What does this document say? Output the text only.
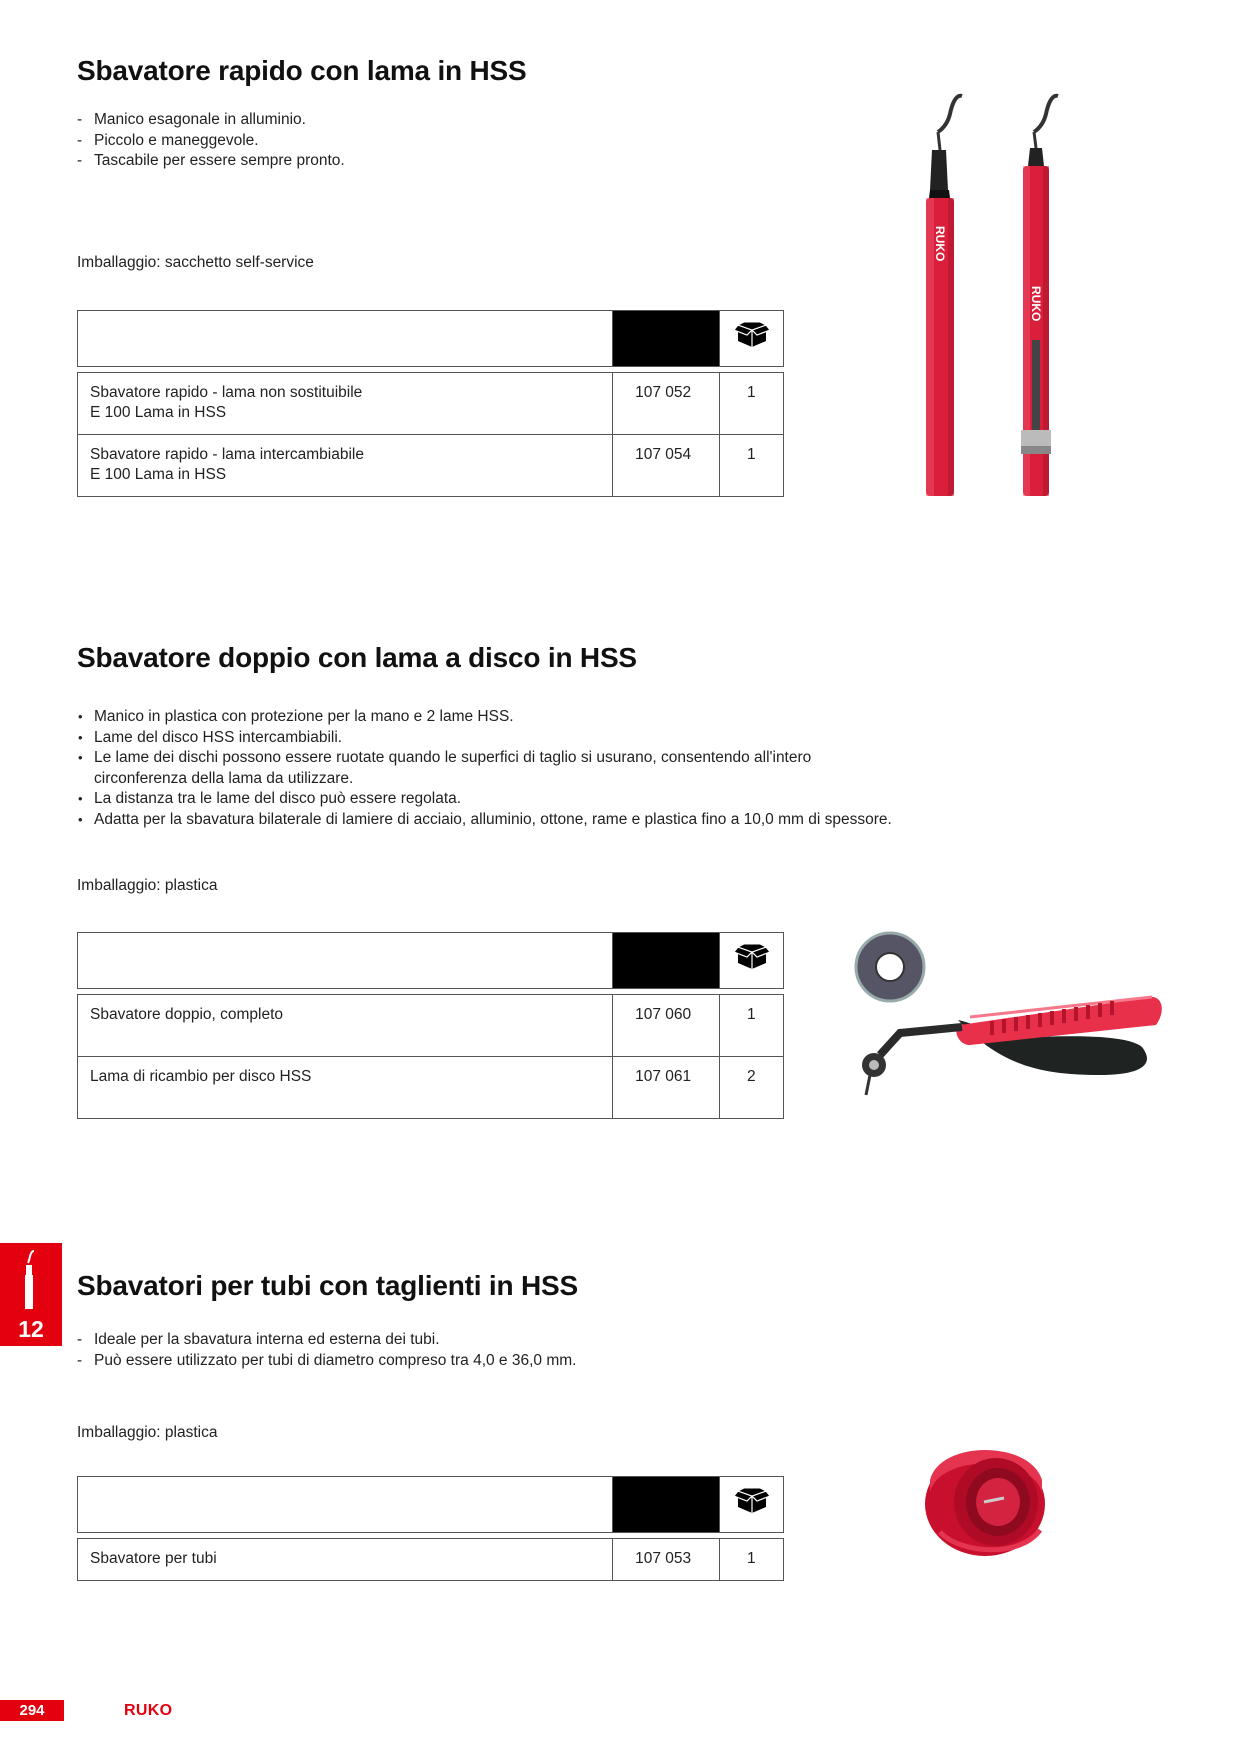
Sbavatore rapido con lama in HSS
- Manico esagonale in alluminio.
- Piccolo e maneggevole.
- Tascabile per essere sempre pronto.
Imballaggio: sacchetto self-service

Sbavatore rapido - lama non sostituibile
E 100 Lama in HSS	107 052	1
Sbavatore rapido - lama intercambiabile
E 100 Lama in HSS	107 054	1
RUKO
RUKO
Sbavatore doppio con lama a disco in HSS
• Manico in plastica con protezione per la mano e 2 lame HSS.
• Lame del disco HSS intercambiabili.
• Le lame dei dischi possono essere ruotate quando le superfici di taglio si usurano, consentendo all'intero
circonferenza della lama da utilizzare.
• La distanza tra le lame del disco può essere regolata.
• Adatta per la sbavatura bilaterale di lamiere di acciaio, alluminio, ottone, rame e plastica fino a 10,0 mm di spessore.
Imballaggio: plastica

Sbavatore doppio, completo	107 060	1
Lama di ricambio per disco HSS	107 061	2
Sbavatori per tubi con taglienti in HSS
- Ideale per la sbavatura interna ed esterna dei tubi.
- Può essere utilizzato per tubi di diametro compreso tra 4,0 e 36,0 mm.
Imballaggio: plastica

Sbavatore per tubi	107 053	1
12
294	RUKO
